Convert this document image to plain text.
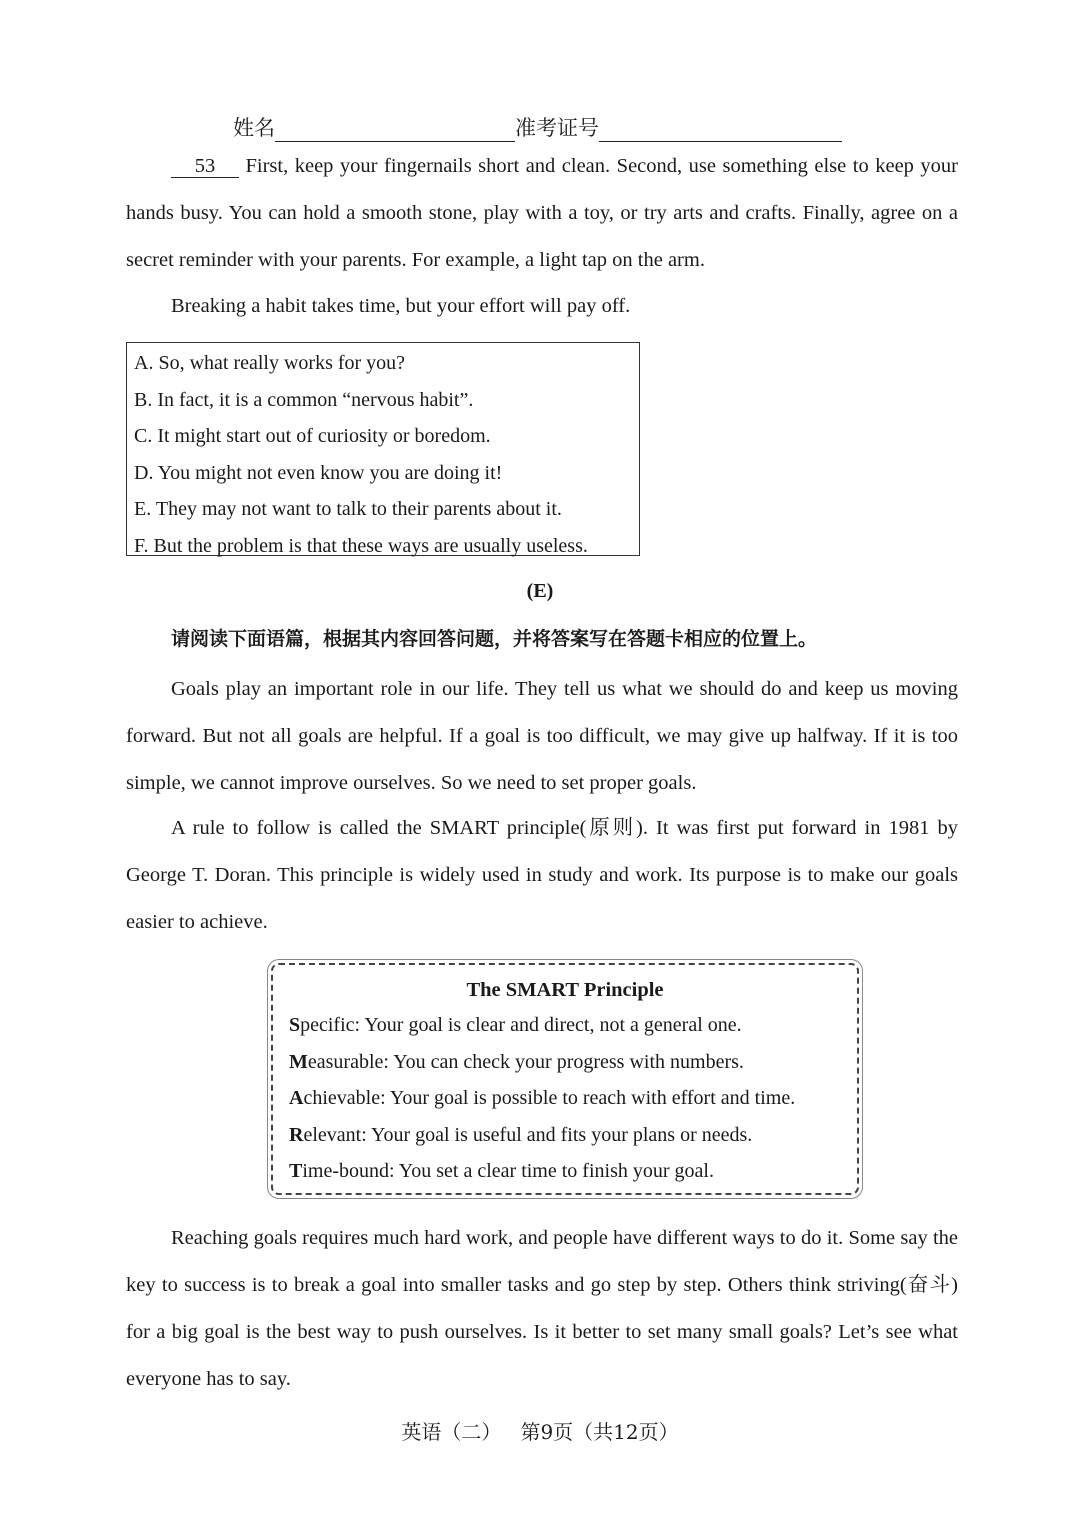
姓名	准考证号
53 First, keep your fingernails short and clean. Second, use something else to keep your hands busy. You can hold a smooth stone, play with a toy, or try arts and crafts. Finally, agree on a secret reminder with your parents. For example, a light tap on the arm.
Breaking a habit takes time, but your effort will pay off.
A. So, what really works for you?
B. In fact, it is a common “nervous habit”.
C. It might start out of curiosity or boredom.
D. You might not even know you are doing it!
E. They may not want to talk to their parents about it.
F. But the problem is that these ways are usually useless.
(E)
请阅读下面语篇，根据其内容回答问题，并将答案写在答题卡相应的位置上。
Goals play an important role in our life. They tell us what we should do and keep us moving forward. But not all goals are helpful. If a goal is too difficult, we may give up halfway. If it is too simple, we cannot improve ourselves. So we need to set proper goals.
A rule to follow is called the SMART principle(原则). It was first put forward in 1981 by George T. Doran. This principle is widely used in study and work. Its purpose is to make our goals easier to achieve.
The SMART Principle
Specific: Your goal is clear and direct, not a general one.
Measurable: You can check your progress with numbers.
Achievable: Your goal is possible to reach with effort and time.
Relevant: Your goal is useful and fits your plans or needs.
Time-bound: You set a clear time to finish your goal.
Reaching goals requires much hard work, and people have different ways to do it. Some say the key to success is to break a goal into smaller tasks and go step by step. Others think striving(奋斗) for a big goal is the best way to push ourselves. Is it better to set many small goals? Let’s see what everyone has to say.
英语（二）   第9页（共12页）
